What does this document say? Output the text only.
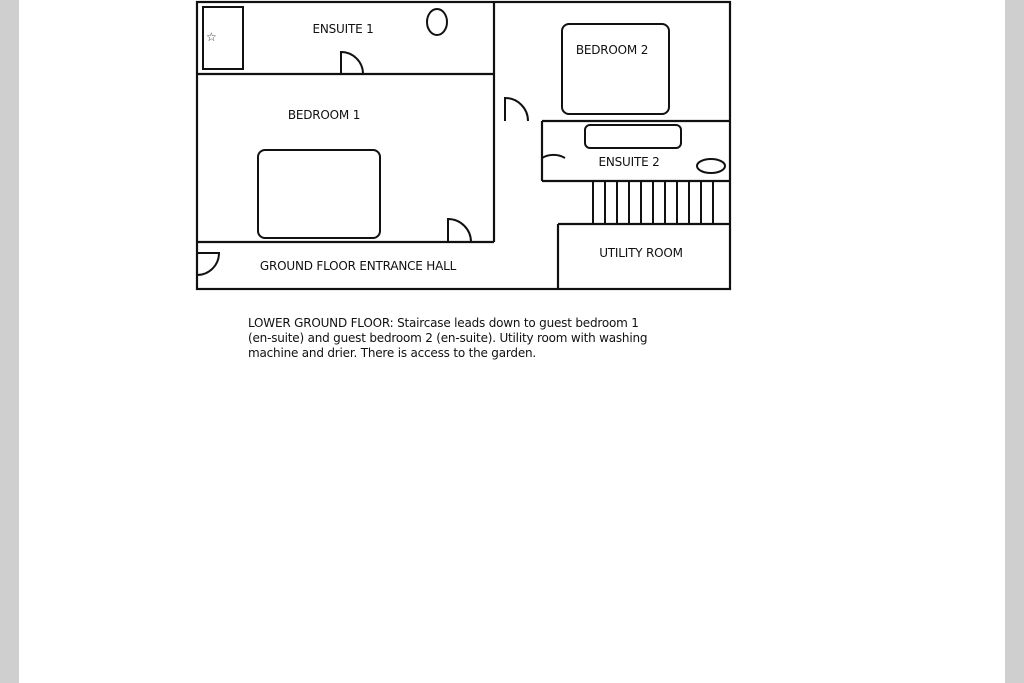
☆
ENSUITE 1
BEDROOM 2
BEDROOM 1
ENSUITE 2
UTILITY ROOM
GROUND FLOOR ENTRANCE HALL
LOWER GROUND FLOOR: Staircase leads down to guest bedroom 1
(en-suite) and guest bedroom 2 (en-suite). Utility room with washing
machine and drier. There is access to the garden.
